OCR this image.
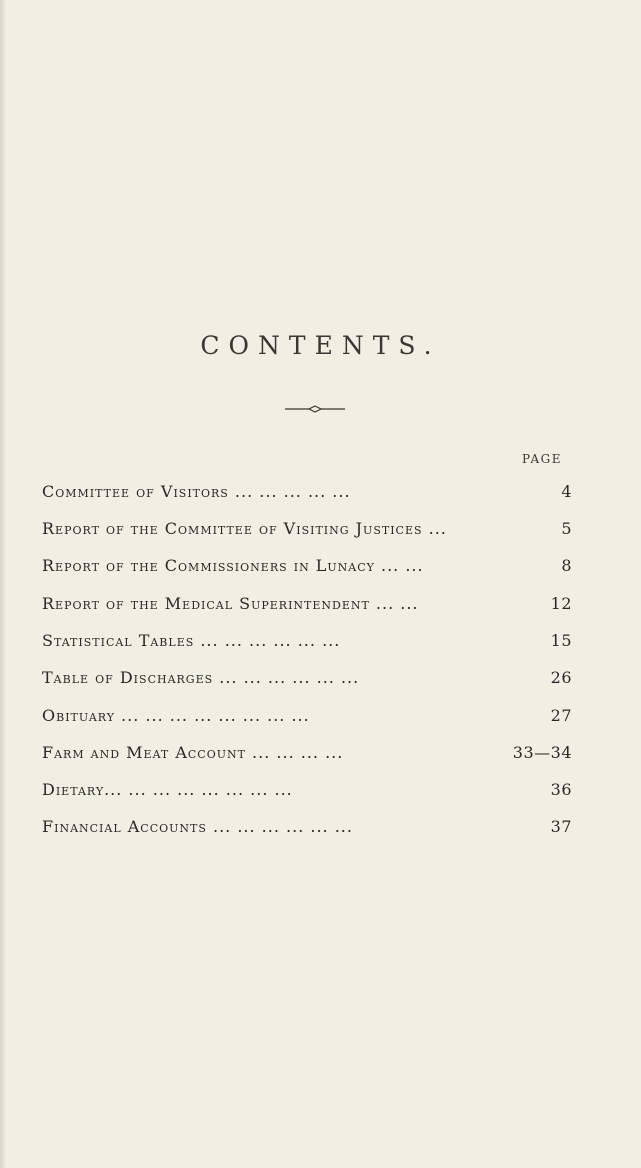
CONTENTS.
PAGE
Committee of Visitors ... ... ... ... ...	4
Report of the Committee of Visiting Justices ...	5
Report of the Commissioners in Lunacy ... ...	8
Report of the Medical Superintendent ... ...	12
Statistical Tables ... ... ... ... ... ...	15
Table of Discharges ... ... ... ... ... ...	26
Obituary ... ... ... ... ... ... ... ...	27
Farm and Meat Account ... ... ... ...	33—34
Dietary... ... ... ... ... ... ... ...	36
Financial Accounts ... ... ... ... ... ...	37
